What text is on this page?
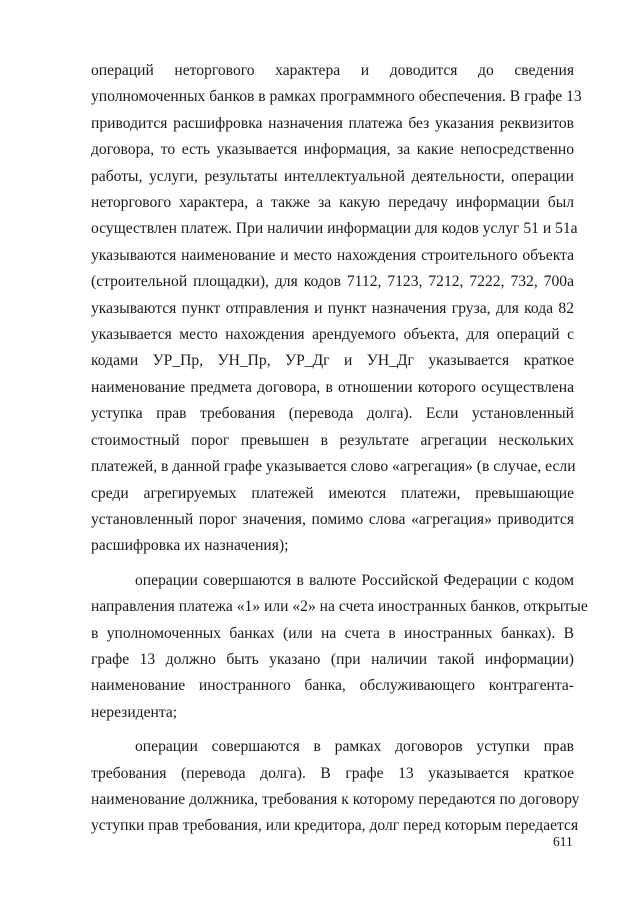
операций неторгового характера и доводится до сведения
уполномоченных банков в рамках программного обеспечения. В графе 13
приводится расшифровка назначения платежа без указания реквизитов
договора, то есть указывается информация, за какие непосредственно
работы, услуги, результаты интеллектуальной деятельности, операции
неторгового характера, а также за какую передачу информации был
осуществлен платеж. При наличии информации для кодов услуг 51 и 51а
указываются наименование и место нахождения строительного объекта
(строительной площадки), для кодов 7112, 7123, 7212, 7222, 732, 700а
указываются пункт отправления и пункт назначения груза, для кода 82
указывается место нахождения арендуемого объекта, для операций с
кодами УР_Пр, УН_Пр, УР_Дг и УН_Дг указывается краткое
наименование предмета договора, в отношении которого осуществлена
уступка прав требования (перевода долга). Если установленный
стоимостный порог превышен в результате агрегации нескольких
платежей, в данной графе указывается слово «агрегация» (в случае, если
среди агрегируемых платежей имеются платежи, превышающие
установленный порог значения, помимо слова «агрегация» приводится
расшифровка их назначения);
операции совершаются в валюте Российской Федерации с кодом
направления платежа «1» или «2» на счета иностранных банков, открытые
в уполномоченных банках (или на счета в иностранных банках). В
графе 13 должно быть указано (при наличии такой информации)
наименование иностранного банка, обслуживающего контрагента-
нерезидента;
операции совершаются в рамках договоров уступки прав
требования (перевода долга). В графе 13 указывается краткое
наименование должника, требования к которому передаются по договору
уступки прав требования, или кредитора, долг перед которым передается
611
